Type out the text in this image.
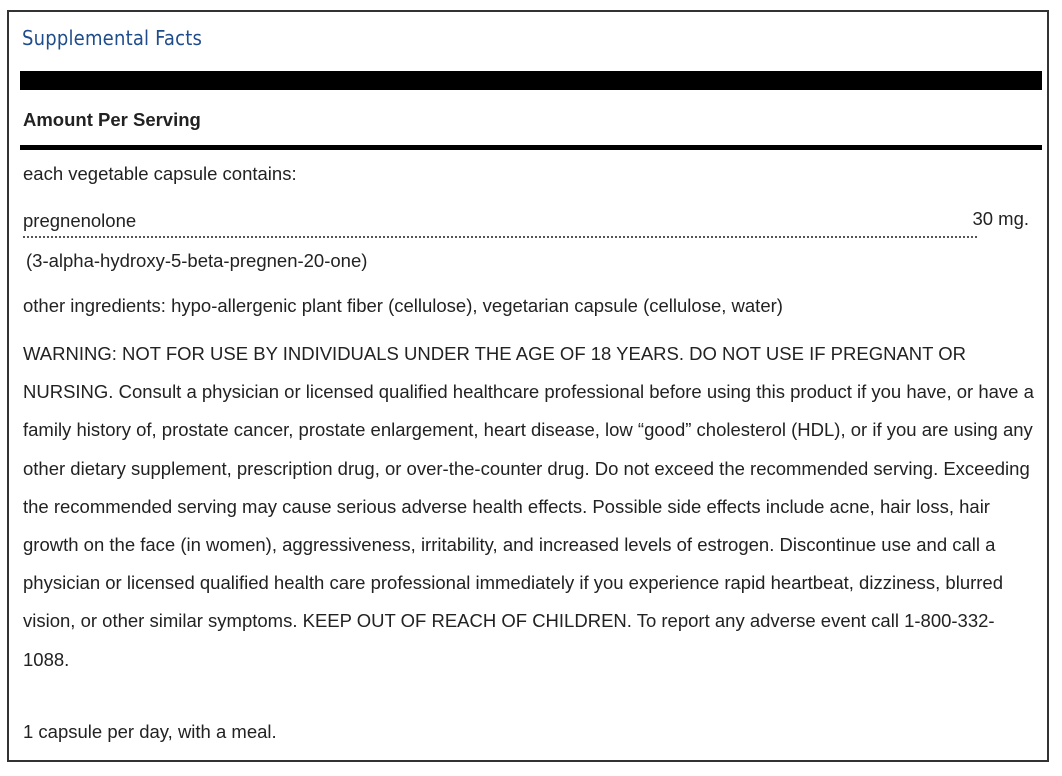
Supplemental Facts
Amount Per Serving
each vegetable capsule contains:
pregnenolone	30 mg.
(3-alpha-hydroxy-5-beta-pregnen-20-one)
other ingredients: hypo-allergenic plant fiber (cellulose), vegetarian capsule (cellulose, water)
WARNING: NOT FOR USE BY INDIVIDUALS UNDER THE AGE OF 18 YEARS. DO NOT USE IF PREGNANT OR NURSING. Consult a physician or licensed qualified healthcare professional before using this product if you have, or have a family history of, prostate cancer, prostate enlargement, heart disease, low “good” cholesterol (HDL), or if you are using any other dietary supplement, prescription drug, or over-the-counter drug. Do not exceed the recommended serving. Exceeding the recommended serving may cause serious adverse health effects. Possible side effects include acne, hair loss, hair growth on the face (in women), aggressiveness, irritability, and increased levels of estrogen. Discontinue use and call a physician or licensed qualified health care professional immediately if you experience rapid heartbeat, dizziness, blurred vision, or other similar symptoms. KEEP OUT OF REACH OF CHILDREN. To report any adverse event call 1-800-332-1088.
1 capsule per day, with a meal.
